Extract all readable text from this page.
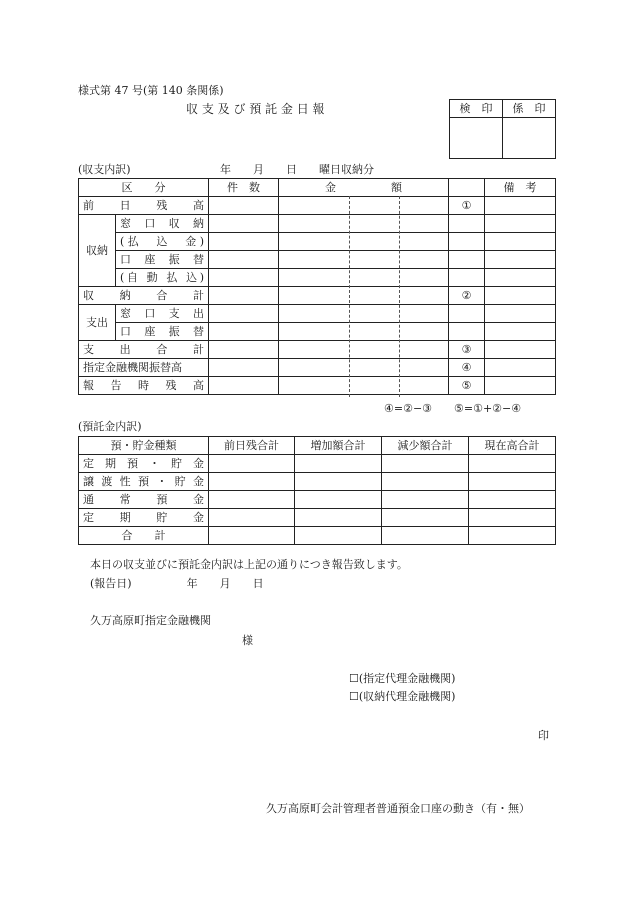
様式第 47 号(第 140 条関係)
収 支 及 び 預 託 金 日 報	検　印	係　印

(収支内訳)	年　　月　　日　　曜日収納分
区　　分		件　数	金　　　　　額		備　考
前日残高				①	
収納	窓口収納				
	(払　込　金)				
	口座振替				
	(自 動 払 込)				
収納合計				②	
支出	窓口支出				
	口座振替				
支出合計				③	
指定金融機関振替高				④	
報告時残高				⑤	
④=②−③　　⑤=①+②−④
(預託金内訳)
預・貯金種類	前日残合計	増加額合計	減少額合計	現在高合計
定期預・貯金				
譲渡性預・貯金				
通常預金				
定期貯金				
合　　計				
本日の収支並びに預託金内訳は上記の通りにつき報告致します。
(報告日)　　　　　年　　月　　日
久万高原町指定金融機関
様
☐(指定代理金融機関)
☐(収納代理金融機関)
印
久万高原町会計管理者普通預金口座の動き（有・無）
